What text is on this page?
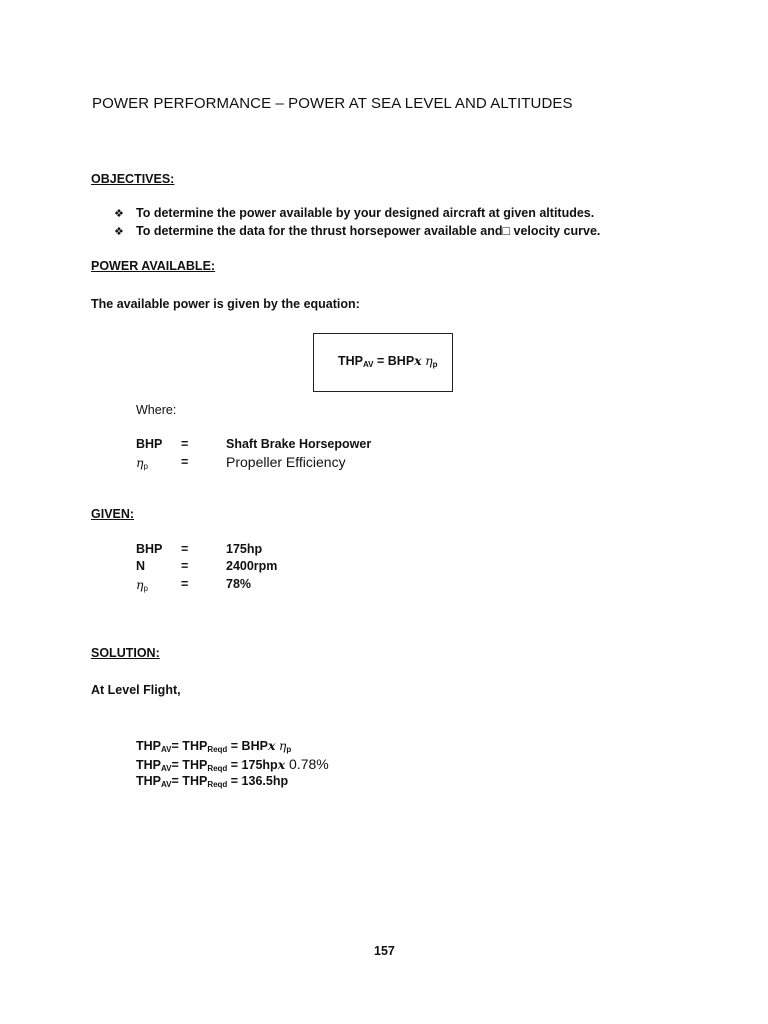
POWER PERFORMANCE – POWER AT SEA LEVEL AND ALTITUDES
OBJECTIVES:
❖ To determine the power available by your designed aircraft at given altitudes.
❖ To determine the data for the thrust horsepower available and□ velocity curve.
POWER AVAILABLE:
The available power is given by the equation:
$THP_{AV}$ = BHPx $\eta_p$
Where:
BHP =	Shaft Brake Horsepower
$\eta_p$	=	Propeller Efficiency
GIVEN:
BHP =	175hp
N	=	2400rpm
$\eta_p$	=	78%
SOLUTION:
At Level Flight,
$THP_{AV}= THP_{Reqd}$ = BHPx $\eta_p$
$THP_{AV}= THP_{Reqd} = 175hpx$ 0.78%
$THP_{AV}= THP_{Reqd} = 136.5hp$
157
